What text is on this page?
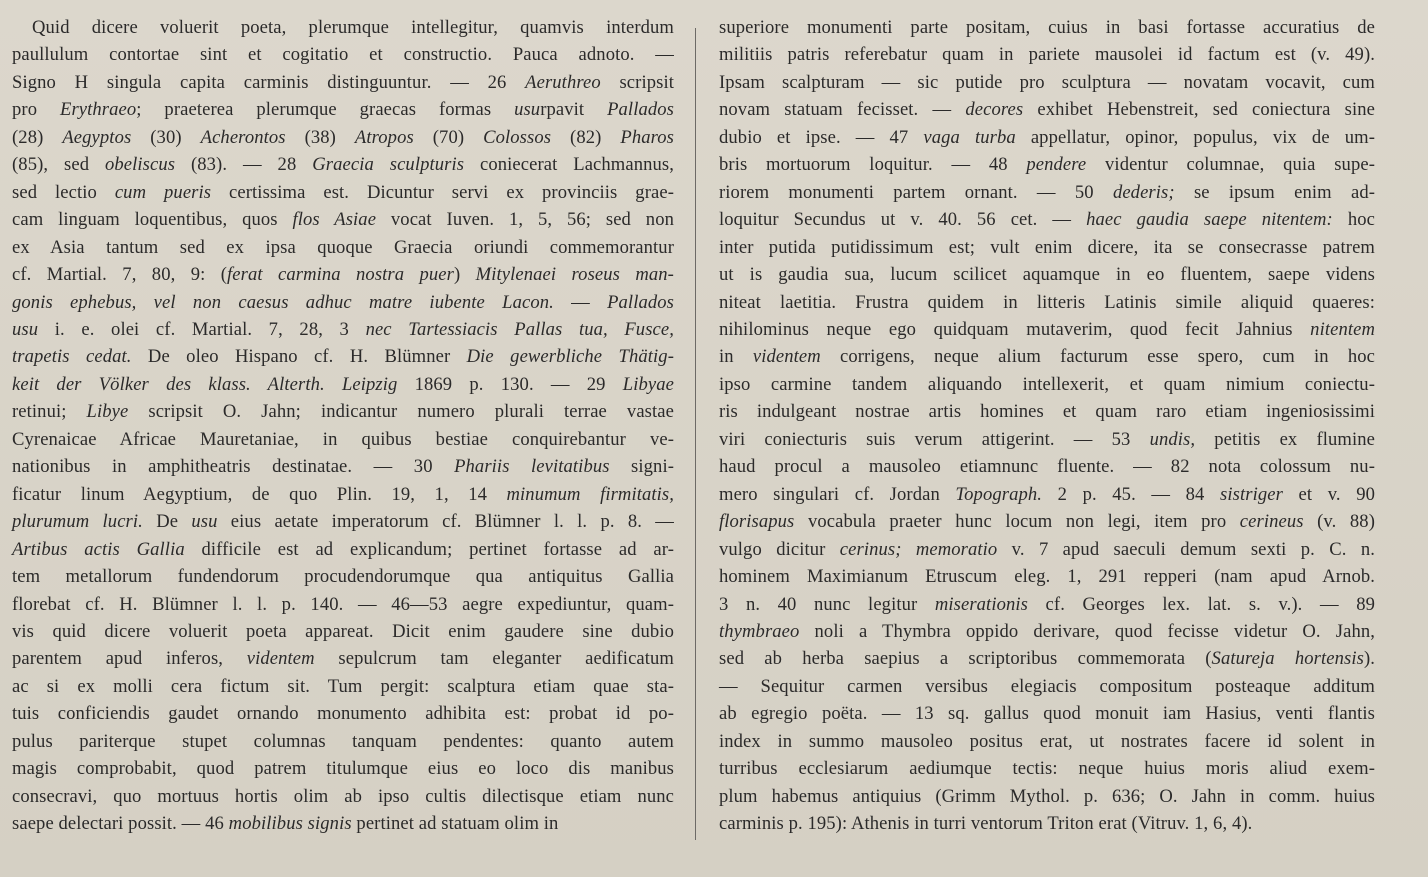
Quid dicere voluerit poeta, plerumque intellegitur, quamvis interdum
paullulum contortae sint et cogitatio et constructio. Pauca adnoto. —
Signo H singula capita carminis distinguuntur. — 26 Aeruthreo scripsit
pro Erythraeo; praeterea plerumque graecas formas usurpavit Pallados
(28) Aegyptos (30) Acherontos (38) Atropos (70) Colossos (82) Pharos
(85), sed obeliscus (83). — 28 Graecia sculpturis coniecerat Lachmannus,
sed lectio cum pueris certissima est. Dicuntur servi ex provinciis grae-
cam linguam loquentibus, quos flos Asiae vocat Iuven. 1, 5, 56; sed non
ex Asia tantum sed ex ipsa quoque Graecia oriundi commemorantur
cf. Martial. 7, 80, 9: (ferat carmina nostra puer) Mitylenaei roseus man-
gonis ephebus, vel non caesus adhuc matre iubente Lacon. — Pallados
usu i. e. olei cf. Martial. 7, 28, 3 nec Tartessiacis Pallas tua, Fusce,
trapetis cedat. De oleo Hispano cf. H. Blümner Die gewerbliche Thätig-
keit der Völker des klass. Alterth. Leipzig 1869 p. 130. — 29 Libyae
retinui; Libye scripsit O. Jahn; indicantur numero plurali terrae vastae
Cyrenaicae Africae Mauretaniae, in quibus bestiae conquirebantur ve-
nationibus in amphitheatris destinatae. — 30 Phariis levitatibus signi-
ficatur linum Aegyptium, de quo Plin. 19, 1, 14 minumum firmitatis,
plurumum lucri. De usu eius aetate imperatorum cf. Blümner l. l. p. 8. —
Artibus actis Gallia difficile est ad explicandum; pertinet fortasse ad ar-
tem metallorum fundendorum procudendorumque qua antiquitus Gallia
florebat cf. H. Blümner l. l. p. 140. — 46—53 aegre expediuntur, quam-
vis quid dicere voluerit poeta appareat. Dicit enim gaudere sine dubio
parentem apud inferos, videntem sepulcrum tam eleganter aedificatum
ac si ex molli cera fictum sit. Tum pergit: scalptura etiam quae sta-
tuis conficiendis gaudet ornando monumento adhibita est: probat id po-
pulus pariterque stupet columnas tanquam pendentes: quanto autem
magis comprobabit, quod patrem titulumque eius eo loco dis manibus
consecravi, quo mortuus hortis olim ab ipso cultis dilectisque etiam nunc
saepe delectari possit. — 46 mobilibus signis pertinet ad statuam olim in
superiore monumenti parte positam, cuius in basi fortasse accuratius de
militiis patris referebatur quam in pariete mausolei id factum est (v. 49).
Ipsam scalpturam — sic putide pro sculptura — novatam vocavit, cum
novam statuam fecisset. — decores exhibet Hebenstreit, sed coniectura sine
dubio et ipse. — 47 vaga turba appellatur, opinor, populus, vix de um-
bris mortuorum loquitur. — 48 pendere videntur columnae, quia supe-
riorem monumenti partem ornant. — 50 dederis; se ipsum enim ad-
loquitur Secundus ut v. 40. 56 cet. — haec gaudia saepe nitentem: hoc
inter putida putidissimum est; vult enim dicere, ita se consecrasse patrem
ut is gaudia sua, lucum scilicet aquamque in eo fluentem, saepe videns
niteat laetitia. Frustra quidem in litteris Latinis simile aliquid quaeres:
nihilominus neque ego quidquam mutaverim, quod fecit Jahnius nitentem
in videntem corrigens, neque alium facturum esse spero, cum in hoc
ipso carmine tandem aliquando intellexerit, et quam nimium coniectu-
ris indulgeant nostrae artis homines et quam raro etiam ingeniosissimi
viri coniecturis suis verum attigerint. — 53 undis, petitis ex flumine
haud procul a mausoleo etiamnunc fluente. — 82 nota colossum nu-
mero singulari cf. Jordan Topograph. 2 p. 45. — 84 sistriger et v. 90
florisapus vocabula praeter hunc locum non legi, item pro cerineus (v. 88)
vulgo dicitur cerinus; memoratio v. 7 apud saeculi demum sexti p. C. n.
hominem Maximianum Etruscum eleg. 1, 291 repperi (nam apud Arnob.
3 n. 40 nunc legitur miserationis cf. Georges lex. lat. s. v.). — 89
thymbraeo noli a Thymbra oppido derivare, quod fecisse videtur O. Jahn,
sed ab herba saepius a scriptoribus commemorata (Satureja hortensis).
— Sequitur carmen versibus elegiacis compositum posteaque additum
ab egregio poëta. — 13 sq. gallus quod monuit iam Hasius, venti flantis
index in summo mausoleo positus erat, ut nostrates facere id solent in
turribus ecclesiarum aediumque tectis: neque huius moris aliud exem-
plum habemus antiquius (Grimm Mythol. p. 636; O. Jahn in comm. huius
carminis p. 195): Athenis in turri ventorum Triton erat (Vitruv. 1, 6, 4).
